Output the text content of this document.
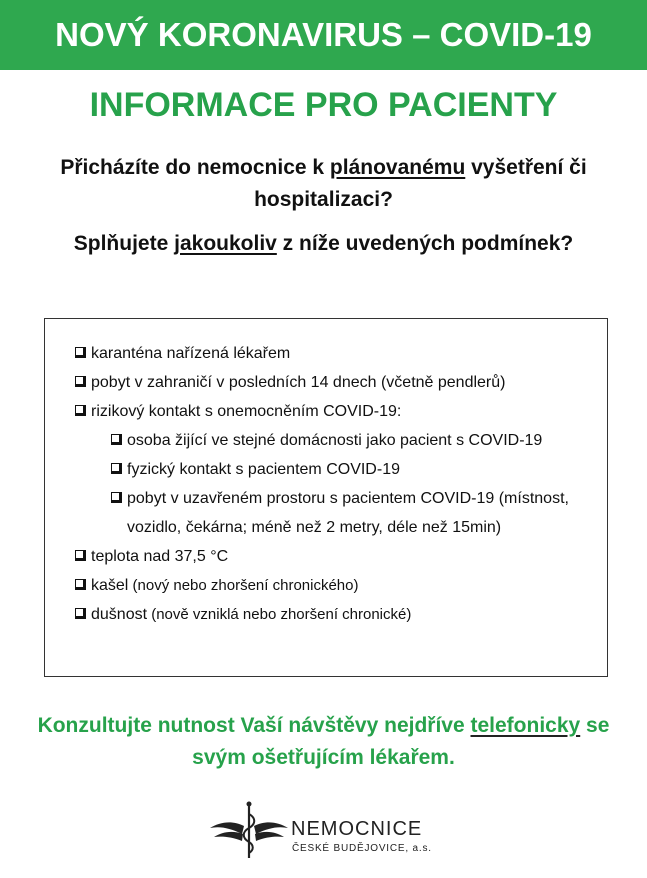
NOVÝ KORONAVIRUS – COVID-19
INFORMACE PRO PACIENTY
Přicházíte do nemocnice k plánovanému vyšetření či hospitalizaci?
Splňujete jakoukoliv z níže uvedených podmínek?
karanténa nařízená lékařem
pobyt v zahraničí v posledních 14 dnech (včetně pendlerů)
rizikový kontakt s onemocněním COVID-19:
osoba žijící ve stejné domácnosti jako pacient s COVID-19
fyzický kontakt s pacientem COVID-19
pobyt v uzavřeném prostoru s pacientem COVID-19 (místnost, vozidlo, čekárna; méně než 2 metry, déle než 15min)
teplota nad 37,5 °C
kašel (nový nebo zhoršení chronického)
dušnost (nově vzniklá nebo zhoršení chronické)
Konzultujte nutnost Vaší návštěvy nejdříve telefonicky se svým ošetřujícím lékařem.
NEMOCNICE
ČESKÉ BUDĚJOVICE, a.s.
